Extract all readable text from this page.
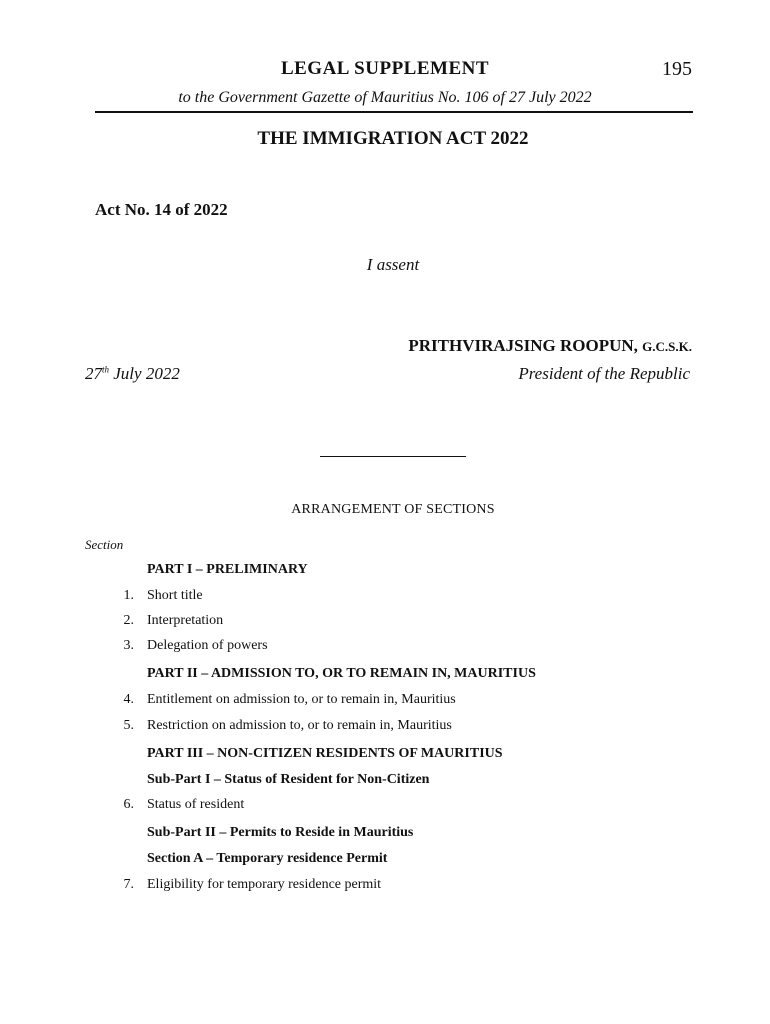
LEGAL SUPPLEMENT	195
to the Government Gazette of Mauritius No. 106 of 27 July 2022
THE IMMIGRATION ACT 2022
Act No. 14 of 2022
I assent
PRITHVIRAJSING ROOPUN, G.C.S.K.
27th July 2022	President of the Republic
ARRANGEMENT OF SECTIONS
Section
PART I – PRELIMINARY
1. Short title
2. Interpretation
3. Delegation of powers
PART II – ADMISSION TO, OR TO REMAIN IN, MAURITIUS
4. Entitlement on admission to, or to remain in, Mauritius
5. Restriction on admission to, or to remain in, Mauritius
PART III – NON-CITIZEN RESIDENTS OF MAURITIUS
Sub-Part I – Status of Resident for Non-Citizen
6. Status of resident
Sub-Part II – Permits to Reside in Mauritius
Section A – Temporary residence Permit
7. Eligibility for temporary residence permit
